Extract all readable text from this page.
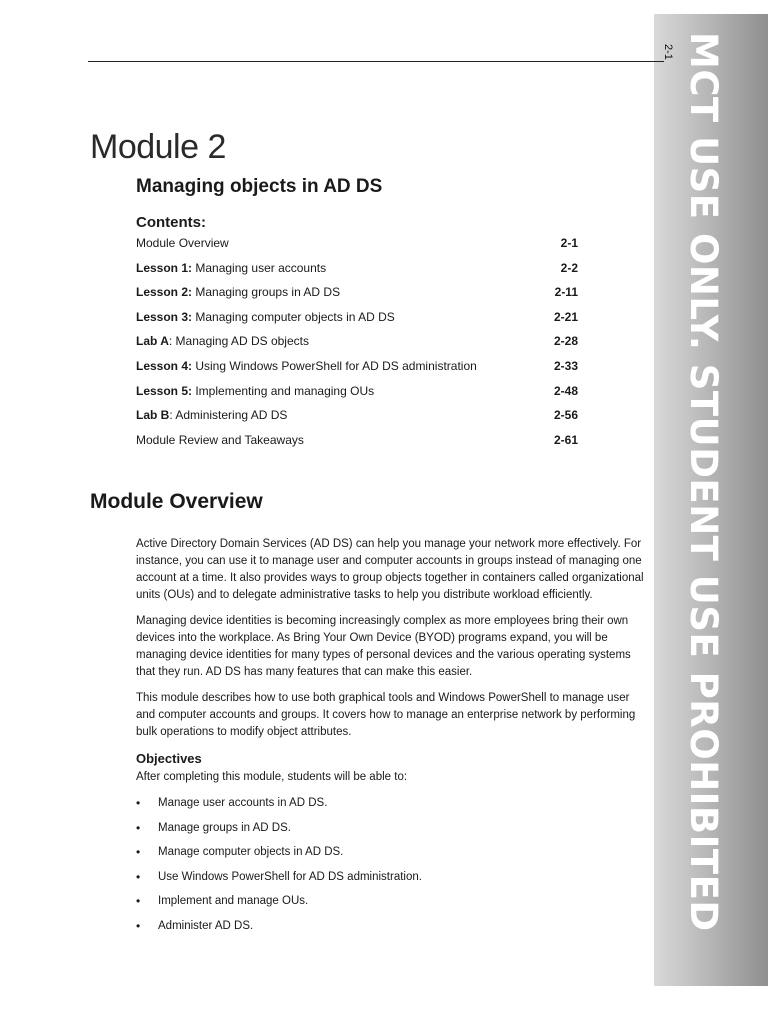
MCT USE ONLY. STUDENT USE PROHIBITED
2-1
Module 2
Managing objects in AD DS
Contents:
Module Overview	2-1
Lesson 1: Managing user accounts	2-2
Lesson 2: Managing groups in AD DS	2-11
Lesson 3: Managing computer objects in AD DS	2-21
Lab A: Managing AD DS objects	2-28
Lesson 4: Using Windows PowerShell for AD DS administration	2-33
Lesson 5: Implementing and managing OUs	2-48
Lab B: Administering AD DS	2-56
Module Review and Takeaways	2-61
Module Overview

Active Directory Domain Services (AD DS) can help you manage your network more effectively. For instance, you can use it to manage user and computer accounts in groups instead of managing one account at a time. It also provides ways to group objects together in containers called organizational units (OUs) and to delegate administrative tasks to help you distribute workload efficiently.

Managing device identities is becoming increasingly complex as more employees bring their own devices into the workplace. As Bring Your Own Device (BYOD) programs expand, you will be managing device identities for many types of personal devices and the various operating systems that they run. AD DS has many features that can make this easier.

This module describes how to use both graphical tools and Windows PowerShell to manage user and computer accounts and groups. It covers how to manage an enterprise network by performing bulk operations to modify object attributes.

Objectives

After completing this module, students will be able to:

• Manage user accounts in AD DS.
• Manage groups in AD DS.
• Manage computer objects in AD DS.
• Use Windows PowerShell for AD DS administration.
• Implement and manage OUs.
• Administer AD DS.
